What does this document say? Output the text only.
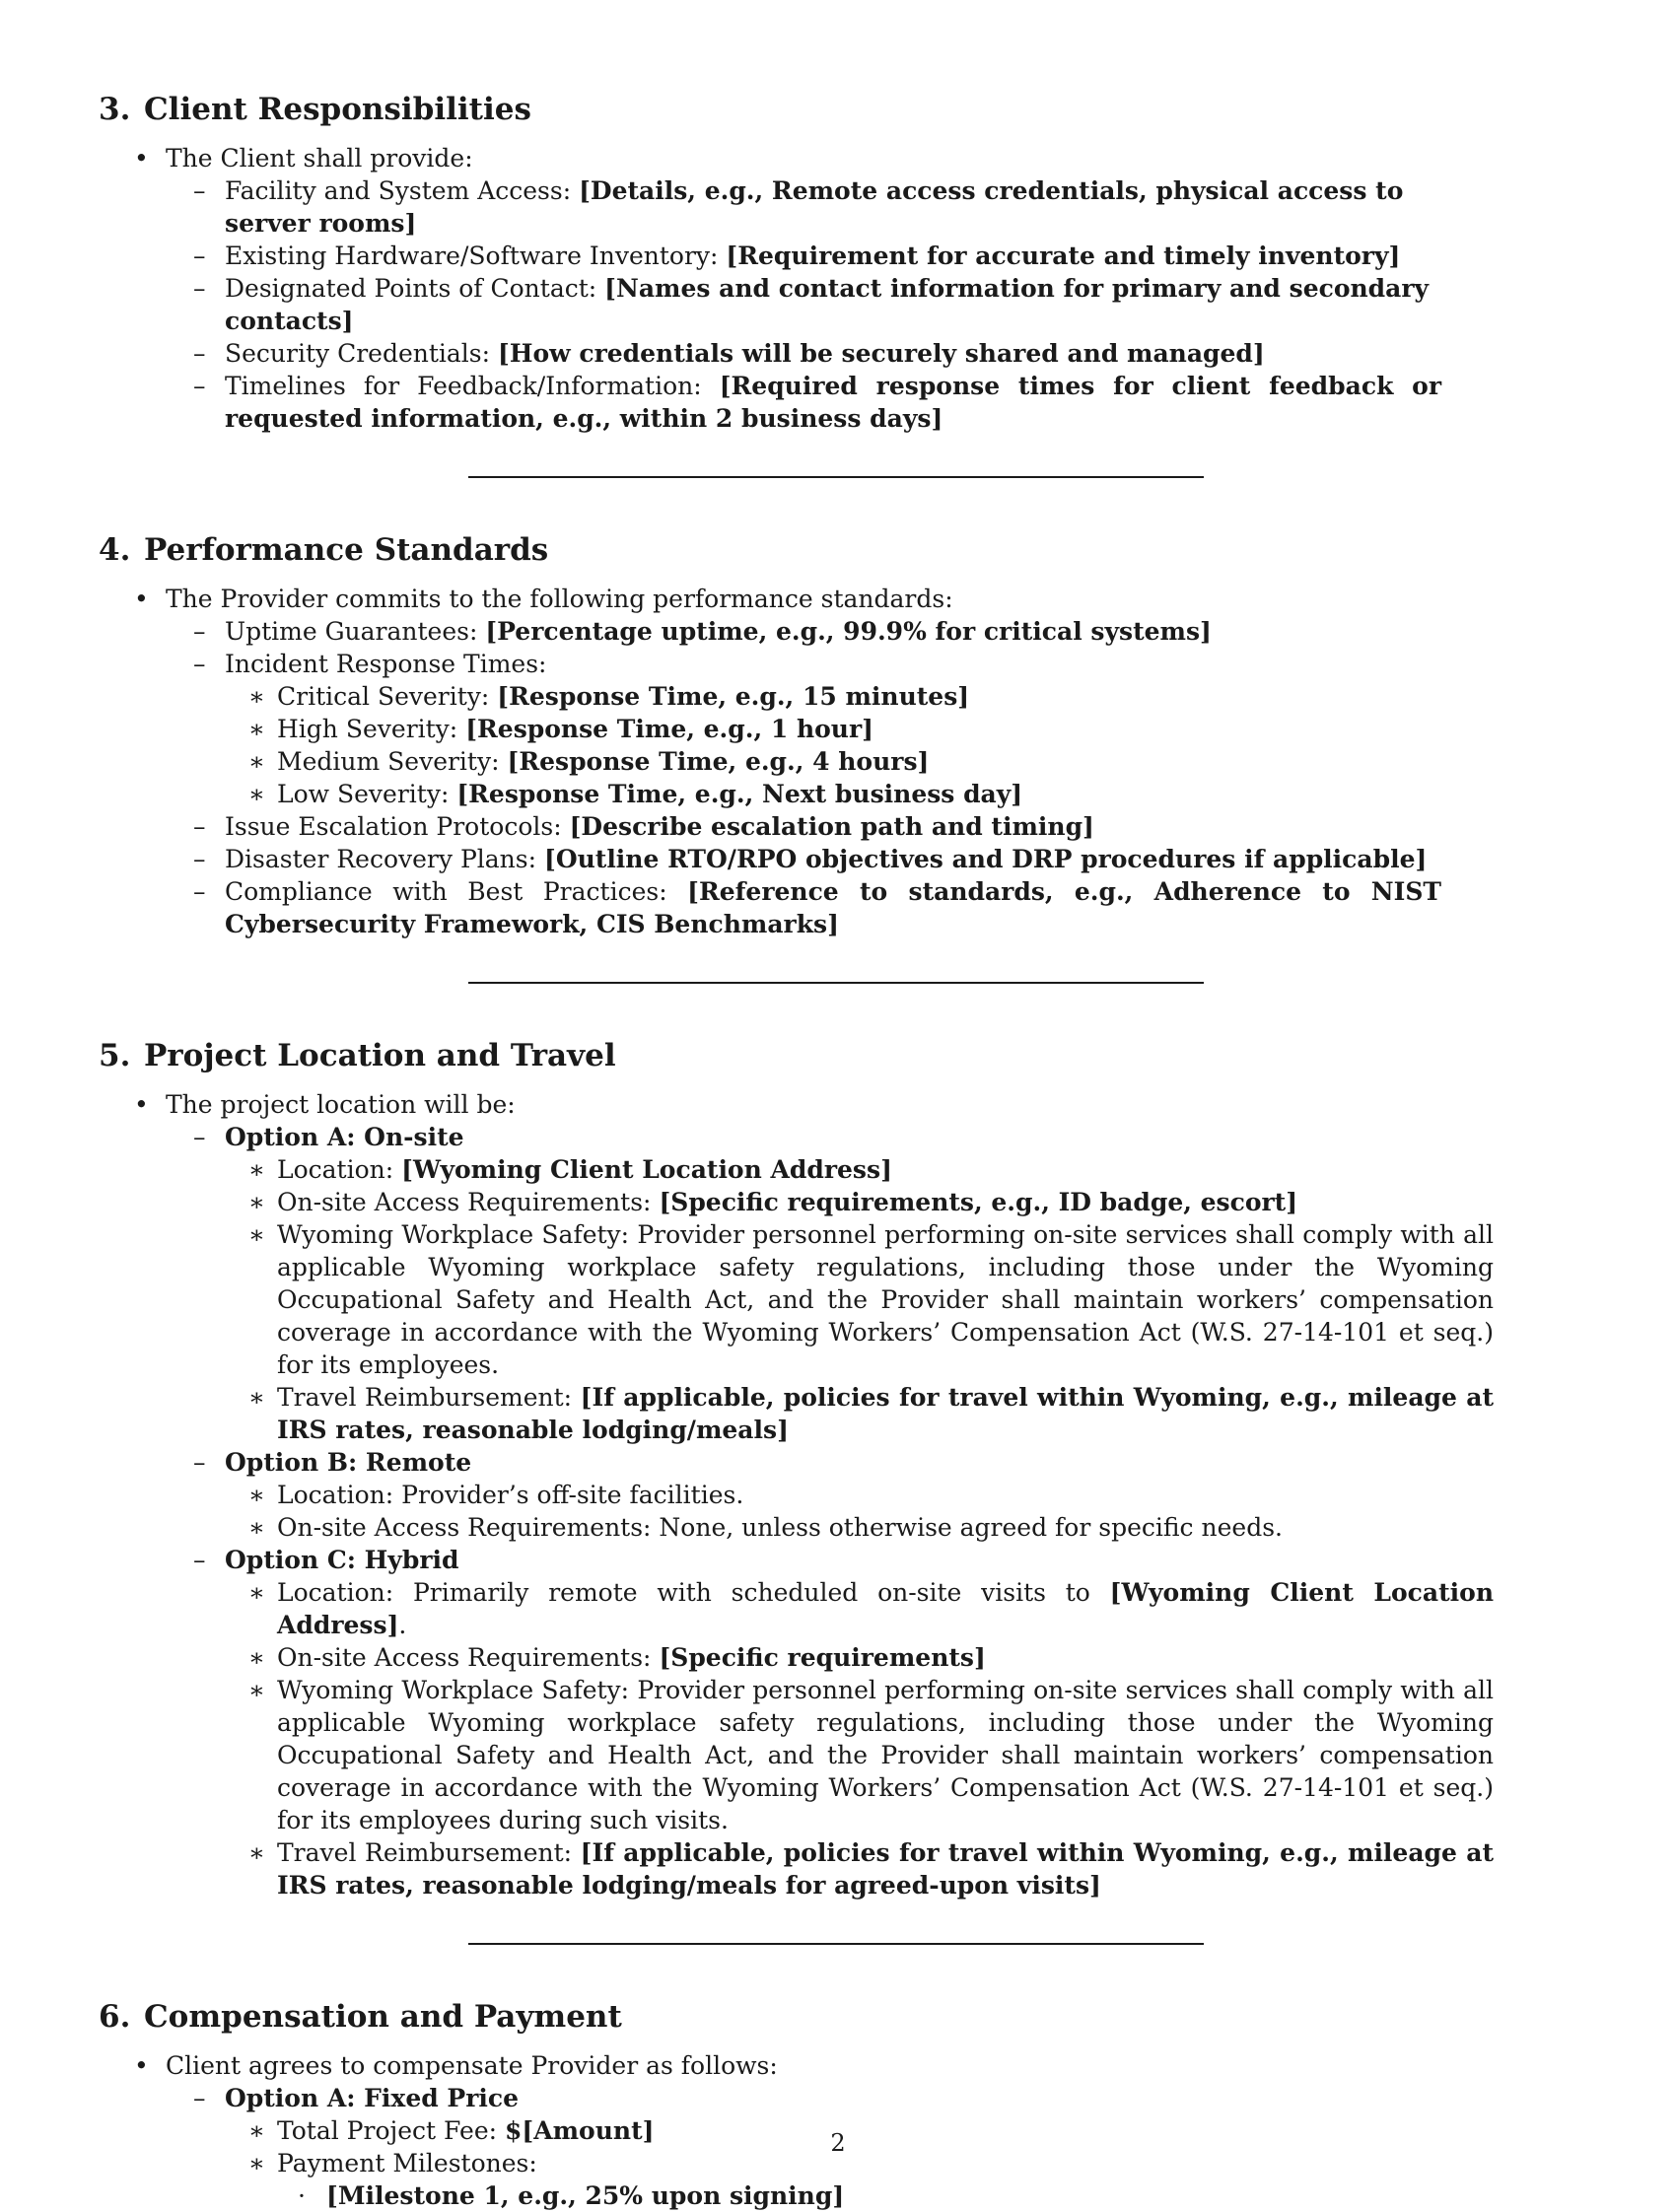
3. Client Responsibilities
• The Client shall provide:
– Facility and System Access: [Details, e.g., Remote access credentials, physical access to server rooms]
– Existing Hardware/Software Inventory: [Requirement for accurate and timely inventory]
– Designated Points of Contact: [Names and contact information for primary and secondary contacts]
– Security Credentials: [How credentials will be securely shared and managed]
– Timelines for Feedback/Information: [Required response times for client feedback or requested information, e.g., within 2 business days]
4. Performance Standards
• The Provider commits to the following performance standards:
– Uptime Guarantees: [Percentage uptime, e.g., 99.9% for critical systems]
– Incident Response Times:
∗ Critical Severity: [Response Time, e.g., 15 minutes]
∗ High Severity: [Response Time, e.g., 1 hour]
∗ Medium Severity: [Response Time, e.g., 4 hours]
∗ Low Severity: [Response Time, e.g., Next business day]
– Issue Escalation Protocols: [Describe escalation path and timing]
– Disaster Recovery Plans: [Outline RTO/RPO objectives and DRP procedures if applicable]
– Compliance with Best Practices: [Reference to standards, e.g., Adherence to NIST Cybersecurity Framework, CIS Benchmarks]
5. Project Location and Travel
• The project location will be:
– Option A: On-site
∗ Location: [Wyoming Client Location Address]
∗ On-site Access Requirements: [Specific requirements, e.g., ID badge, escort]
∗ Wyoming Workplace Safety: Provider personnel performing on-site services shall comply with all applicable Wyoming workplace safety regulations, including those under the Wyoming Occupational Safety and Health Act, and the Provider shall maintain workers’ compensation coverage in accordance with the Wyoming Workers’ Compensation Act (W.S. 27-14-101 et seq.) for its employees.
∗ Travel Reimbursement: [If applicable, policies for travel within Wyoming, e.g., mileage at IRS rates, reasonable lodging/meals]
– Option B: Remote
∗ Location: Provider’s off-site facilities.
∗ On-site Access Requirements: None, unless otherwise agreed for specific needs.
– Option C: Hybrid
∗ Location: Primarily remote with scheduled on-site visits to [Wyoming Client Location Address].
∗ On-site Access Requirements: [Specific requirements]
∗ Wyoming Workplace Safety: Provider personnel performing on-site services shall comply with all applicable Wyoming workplace safety regulations, including those under the Wyoming Occupational Safety and Health Act, and the Provider shall maintain workers’ compensation coverage in accordance with the Wyoming Workers’ Compensation Act (W.S. 27-14-101 et seq.) for its employees during such visits.
∗ Travel Reimbursement: [If applicable, policies for travel within Wyoming, e.g., mileage at IRS rates, reasonable lodging/meals for agreed-upon visits]
6. Compensation and Payment
• Client agrees to compensate Provider as follows:
– Option A: Fixed Price
∗ Total Project Fee: $[Amount]
∗ Payment Milestones:
· [Milestone 1, e.g., 25% upon signing]
2
